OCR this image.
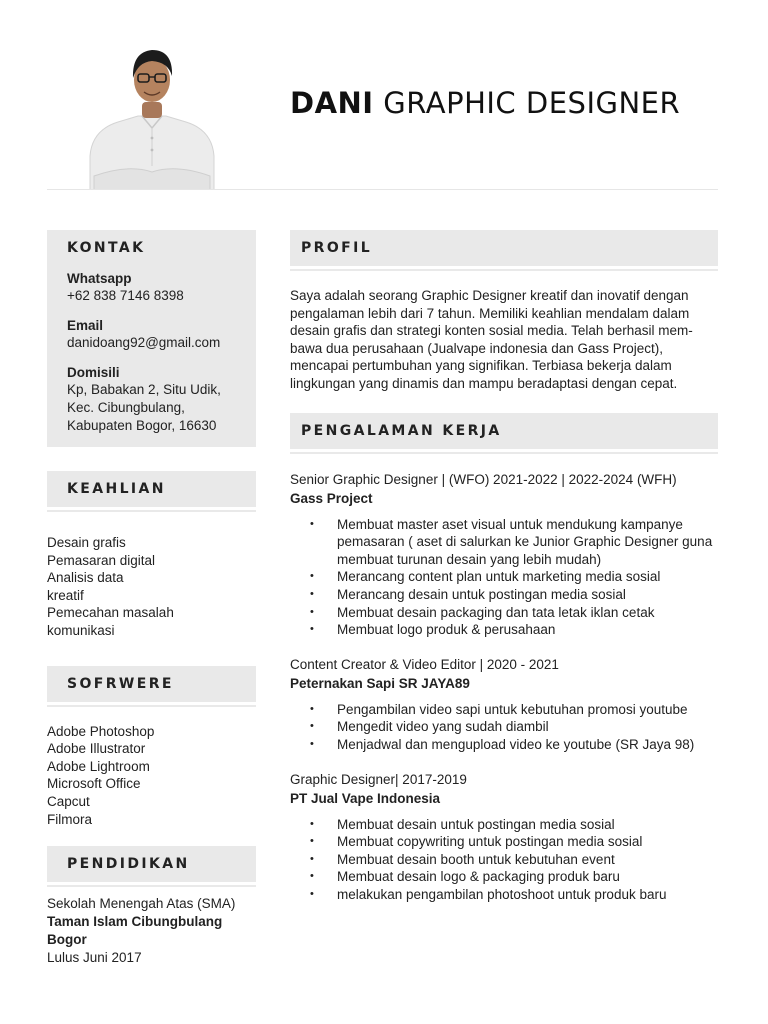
DANI GRAPHIC DESIGNER
KONTAK
Whatsapp
+62 838 7146 8398
Email
danidoang92@gmail.com
Domisili
Kp, Babakan 2, Situ Udik,
Kec. Cibungbulang,
Kabupaten Bogor, 16630
KEAHLIAN
Desain grafis
Pemasaran digital
Analisis data
kreatif
Pemecahan masalah
komunikasi
SOFRWERE
Adobe Photoshop
Adobe Illustrator
Adobe Lightroom
Microsoft Office
Capcut
Filmora
PENDIDIKAN
Sekolah Menengah Atas (SMA)
Taman Islam Cibungbulang Bogor
Lulus Juni 2017
PROFIL
Saya adalah seorang Graphic Designer kreatif dan inovatif dengan
pengalaman lebih dari 7 tahun. Memiliki keahlian mendalam dalam
desain grafis dan strategi konten sosial media. Telah berhasil mem-
bawa dua perusahaan (Jualvape indonesia dan Gass Project),
mencapai pertumbuhan yang signifikan. Terbiasa bekerja dalam
lingkungan yang dinamis dan mampu beradaptasi dengan cepat.
PENGALAMAN KERJA
Senior Graphic Designer | (WFO) 2021-2022 | 2022-2024 (WFH)
Gass Project
• Membuat master aset visual untuk mendukung kampanye pemasaran ( aset di salurkan ke Junior Graphic Designer guna membuat turunan desain yang lebih mudah)
• Merancang content plan untuk marketing media sosial
• Merancang desain untuk postingan media sosial
• Membuat desain packaging dan tata letak iklan cetak
• Membuat logo produk & perusahaan
Content Creator & Video Editor | 2020 - 2021
Peternakan Sapi SR JAYA89
• Pengambilan video sapi untuk kebutuhan promosi youtube
• Mengedit video yang sudah diambil
• Menjadwal dan mengupload video ke youtube (SR Jaya 98)
Graphic Designer| 2017-2019
PT Jual Vape Indonesia
• Membuat desain untuk postingan media sosial
• Membuat copywriting untuk postingan media sosial
• Membuat desain booth untuk kebutuhan event
• Membuat desain logo & packaging produk baru
• melakukan pengambilan photoshoot untuk produk baru
